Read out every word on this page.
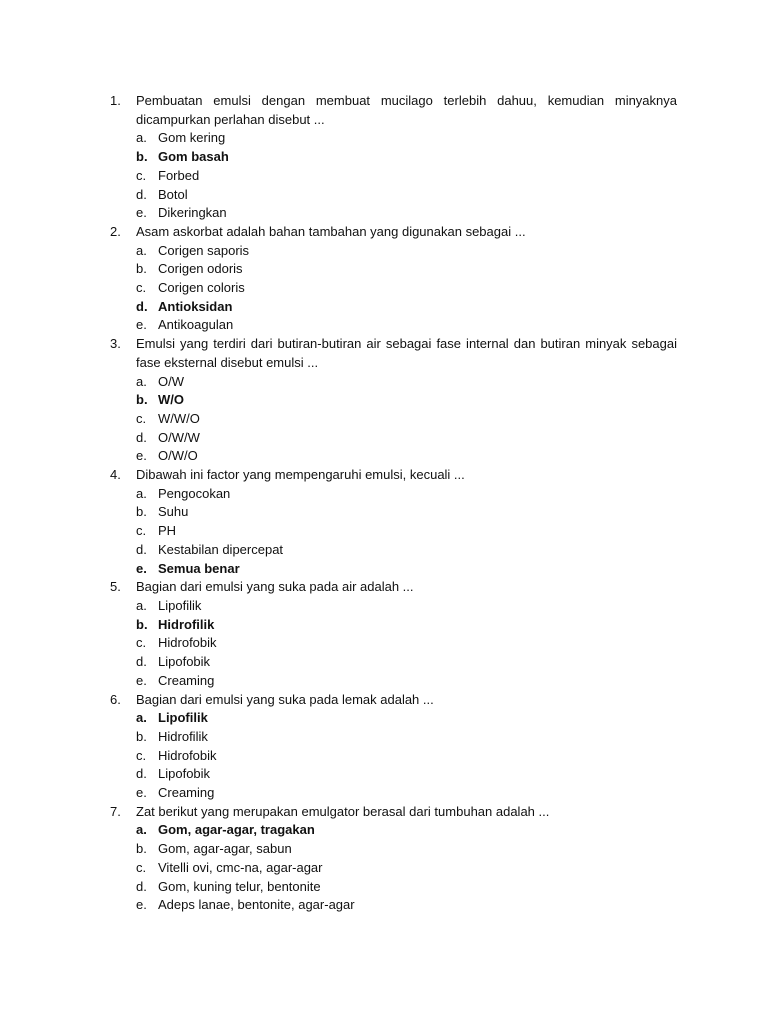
1.	Pembuatan emulsi dengan membuat mucilago terlebih dahuu, kemudian minyaknya dicampurkan perlahan disebut ...
a. Gom kering
b. Gom basah
c. Forbed
d. Botol
e. Dikeringkan
2.	Asam askorbat adalah bahan tambahan yang digunakan sebagai ...
a. Corigen saporis
b. Corigen odoris
c. Corigen coloris
d. Antioksidan
e. Antikoagulan
3.	Emulsi yang terdiri dari butiran-butiran air sebagai fase internal dan butiran minyak sebagai fase eksternal disebut emulsi ...
a. O/W
b. W/O
c. W/W/O
d. O/W/W
e. O/W/O
4.	Dibawah ini factor yang mempengaruhi emulsi, kecuali ...
a. Pengocokan
b. Suhu
c. PH
d. Kestabilan dipercepat
e. Semua benar
5.	Bagian dari emulsi yang suka pada air adalah ...
a. Lipofilik
b. Hidrofilik
c. Hidrofobik
d. Lipofobik
e. Creaming
6.	Bagian dari emulsi yang suka pada lemak adalah ...
a. Lipofilik
b. Hidrofilik
c. Hidrofobik
d. Lipofobik
e. Creaming
7.	Zat berikut yang merupakan emulgator berasal dari tumbuhan adalah ...
a. Gom, agar-agar, tragakan
b. Gom, agar-agar, sabun
c. Vitelli ovi, cmc-na, agar-agar
d. Gom, kuning telur, bentonite
e. Adeps lanae, bentonite, agar-agar
